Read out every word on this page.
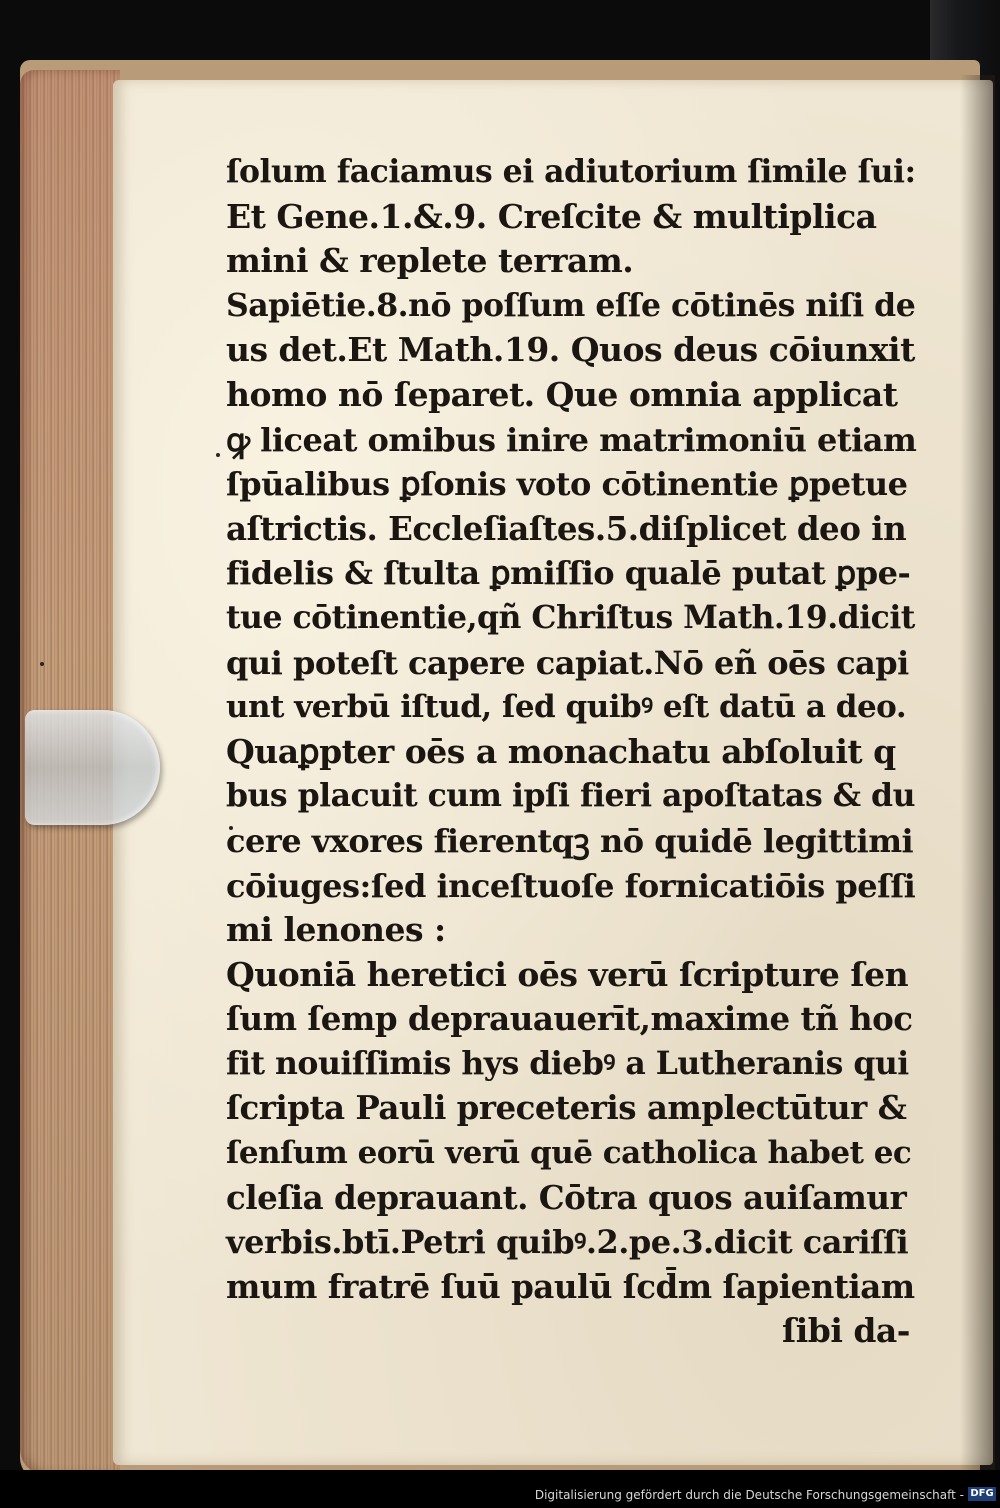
ſolum faciamus ei adiutorium ſimile ſui:
Et Gene.1.&.9. Creſcite & multiplica
mini & replete terram.
Sapiētie.8.nō poſſum eſſe cōtinēs niſi de
us det.Et Math.19. Quos deus cōiunxit
homo nō ſeparet. Que omnia applicat
ꝙ liceat omibus inire matrimoniū etiam
ſpūalibus ꝑſonis voto cōtinentie ꝑpetue
aſtrictis. Eccleſiaſtes.5.diſplicet deo in
fidelis & ſtulta ꝑmiſſio qualē putat ꝑpe-
tue cōtinentie,qñ Chriſtus Math.19.dicit
qui poteſt capere capiat.Nō eñ oēs capi
unt verbū iſtud, ſed quibꝰ eſt datū a deo.
Quaꝑpter oēs a monachatu abſoluit q
bus placuit cum ipſi fieri apoſtatas & du
cere vxores fierentqꝫ nō quidē legittimi
cōiuges:ſed inceſtuoſe fornicatiōis peſſi
mi lenones :
Quoniā heretici oēs verū ſcripture ſen
ſum ſemp deprauauerīt,maxime tñ hoc
fit nouiſſimis hys diebꝰ a Lutheranis qui
ſcripta Pauli preceteris amplectūtur &
ſenſum eorū verū quē catholica habet ec
cleſia deprauant. Cōtra quos auiſamur
verbis.btī.Petri quibꝰ.2.pe.3.dicit cariſſi
mum fratrē ſuū paulū ſcd̄m ſapientiam
ſibi da-
Digitalisierung gefördert durch die Deutsche Forschungsgemeinschaft - DFG
